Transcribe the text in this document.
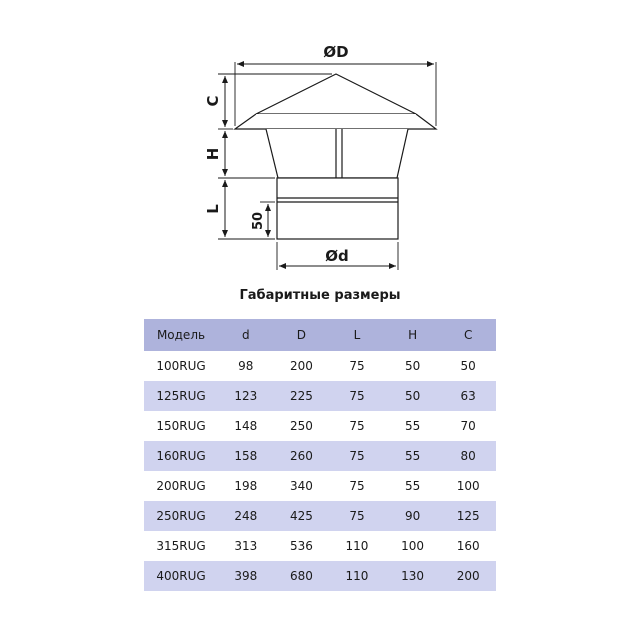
ØD
Ød
C
H
L
50
Габаритные размеры
Модель	d	D	L	H	C
100RUG	98	200	75	50	50
125RUG	123	225	75	50	63
150RUG	148	250	75	55	70
160RUG	158	260	75	55	80
200RUG	198	340	75	55	100
250RUG	248	425	75	90	125
315RUG	313	536	110	100	160
400RUG	398	680	110	130	200
